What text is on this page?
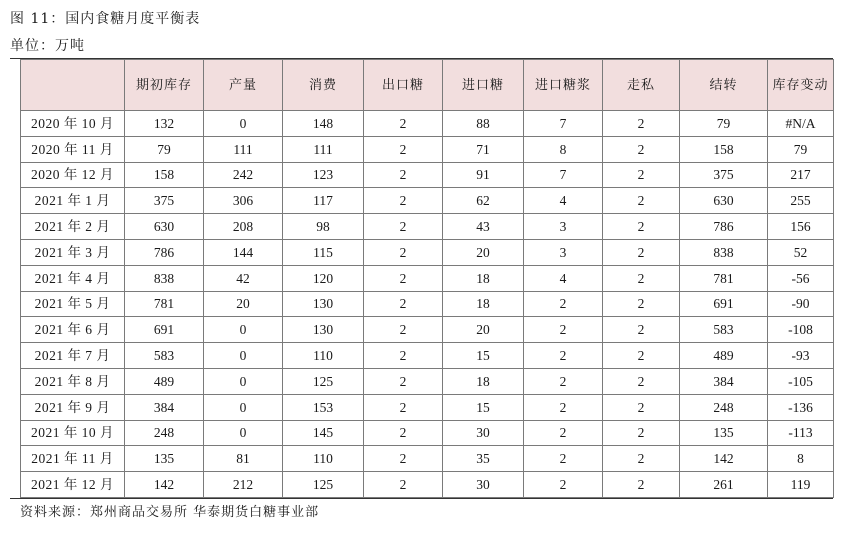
图 11：国内食糖月度平衡表
单位：万吨
	期初库存	产量	消费	出口糖	进口糖	进口糖浆	走私	结转	库存变动
2020 年 10 月	132	0	148	2	88	7	2	79	#N/A
2020 年 11 月	79	111	111	2	71	8	2	158	79
2020 年 12 月	158	242	123	2	91	7	2	375	217
2021 年 1 月	375	306	117	2	62	4	2	630	255
2021 年 2 月	630	208	98	2	43	3	2	786	156
2021 年 3 月	786	144	115	2	20	3	2	838	52
2021 年 4 月	838	42	120	2	18	4	2	781	-56
2021 年 5 月	781	20	130	2	18	2	2	691	-90
2021 年 6 月	691	0	130	2	20	2	2	583	-108
2021 年 7 月	583	0	110	2	15	2	2	489	-93
2021 年 8 月	489	0	125	2	18	2	2	384	-105
2021 年 9 月	384	0	153	2	15	2	2	248	-136
2021 年 10 月	248	0	145	2	30	2	2	135	-113
2021 年 11 月	135	81	110	2	35	2	2	142	8
2021 年 12 月	142	212	125	2	30	2	2	261	119
资料来源：郑州商品交易所 华泰期货白糖事业部
